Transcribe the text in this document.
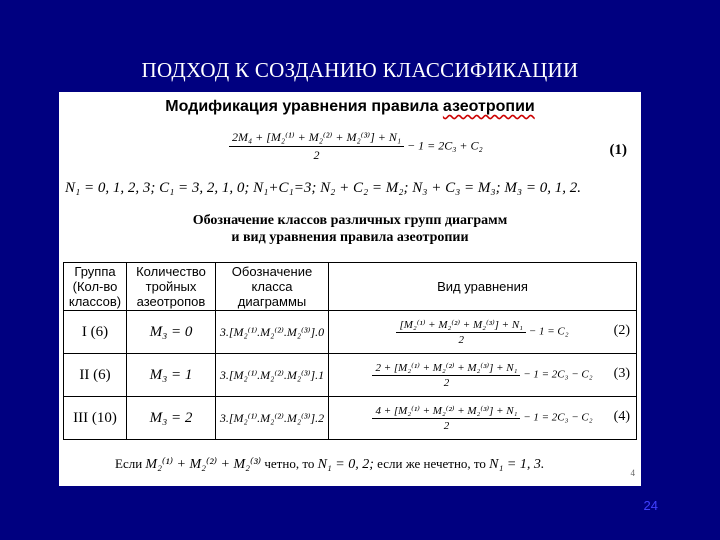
ПОДХОД К СОЗДАНИЮ КЛАССИФИКАЦИИ
Модификация уравнения правила азеотропии
$\frac{\text{2M₄ + [M₂⁽¹⁾ + M₂⁽²⁾ + M₂⁽³⁾] + N₁}}{2} - 1 = 2C_3 + C_2$	(1)
N₁ = 0, 1, 2, 3; C₁ = 3, 2, 1, 0; N₁+C₁=3; N₂ + C₂ = M₂; N₃ + C₃ = M₃; M₃ = 0, 1, 2.
Обозначение классов различных групп диаграмм
и вид уравнения правила азеотропии
Группа (Кол-во классов)	Количество тройных азеотропов	Обозначение класса диаграммы	Вид уравнения
I (6)	M₃ = 0	3.[M₂⁽¹⁾.M₂⁽²⁾.M₂⁽³⁾].0	$\frac{\text{[M₂⁽¹⁾ + M₂⁽²⁾ + M₂⁽³⁾] + N₁}}{2} - 1 = C_2$ (2)

II (6)	M₃ = 1	3.[M₂⁽¹⁾.M₂⁽²⁾.M₂⁽³⁾].1	$\frac{\text{2 + [M₂⁽¹⁾ + M₂⁽²⁾ + M₂⁽³⁾] + N₁}}{2} - 1 = 2C_3 - C_2$ (3)

III (10)	M₃ = 2	3.[M₂⁽¹⁾.M₂⁽²⁾.M₂⁽³⁾].2	$\frac{\text{4 + [M₂⁽¹⁾ + M₂⁽²⁾ + M₂⁽³⁾] + N₁}}{2} - 1 = 2C_3 - C_2$ (4)
Если M₂⁽¹⁾ + M₂⁽²⁾ + M₂⁽³⁾ четно, то N₁ = 0, 2; если же нечетно, то N₁ = 1, 3.
4
24
